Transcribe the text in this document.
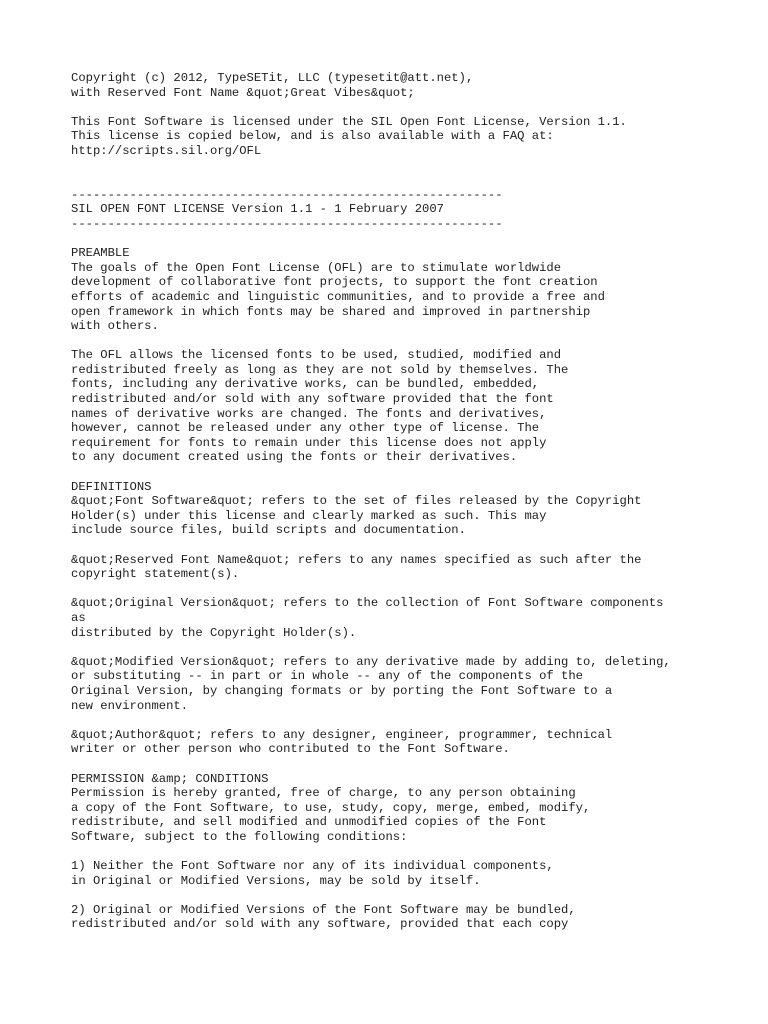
Copyright (c) 2012, TypeSETit, LLC (typesetit@att.net),
with Reserved Font Name &quot;Great Vibes&quot;
This Font Software is licensed under the SIL Open Font License, Version 1.1.
This license is copied below, and is also available with a FAQ at:
http://scripts.sil.org/OFL
-----------------------------------------------------------
SIL OPEN FONT LICENSE Version 1.1 - 1 February 2007
-----------------------------------------------------------
PREAMBLE
The goals of the Open Font License (OFL) are to stimulate worldwide
development of collaborative font projects, to support the font creation
efforts of academic and linguistic communities, and to provide a free and
open framework in which fonts may be shared and improved in partnership
with others.
The OFL allows the licensed fonts to be used, studied, modified and
redistributed freely as long as they are not sold by themselves. The
fonts, including any derivative works, can be bundled, embedded,
redistributed and/or sold with any software provided that the font
names of derivative works are changed. The fonts and derivatives,
however, cannot be released under any other type of license. The
requirement for fonts to remain under this license does not apply
to any document created using the fonts or their derivatives.
DEFINITIONS
&quot;Font Software&quot; refers to the set of files released by the Copyright
Holder(s) under this license and clearly marked as such. This may
include source files, build scripts and documentation.
&quot;Reserved Font Name&quot; refers to any names specified as such after the
copyright statement(s).
&quot;Original Version&quot; refers to the collection of Font Software components
as
distributed by the Copyright Holder(s).
&quot;Modified Version&quot; refers to any derivative made by adding to, deleting,
or substituting -- in part or in whole -- any of the components of the
Original Version, by changing formats or by porting the Font Software to a
new environment.
&quot;Author&quot; refers to any designer, engineer, programmer, technical
writer or other person who contributed to the Font Software.
PERMISSION &amp; CONDITIONS
Permission is hereby granted, free of charge, to any person obtaining
a copy of the Font Software, to use, study, copy, merge, embed, modify,
redistribute, and sell modified and unmodified copies of the Font
Software, subject to the following conditions:
1) Neither the Font Software nor any of its individual components,
in Original or Modified Versions, may be sold by itself.
2) Original or Modified Versions of the Font Software may be bundled,
redistributed and/or sold with any software, provided that each copy
